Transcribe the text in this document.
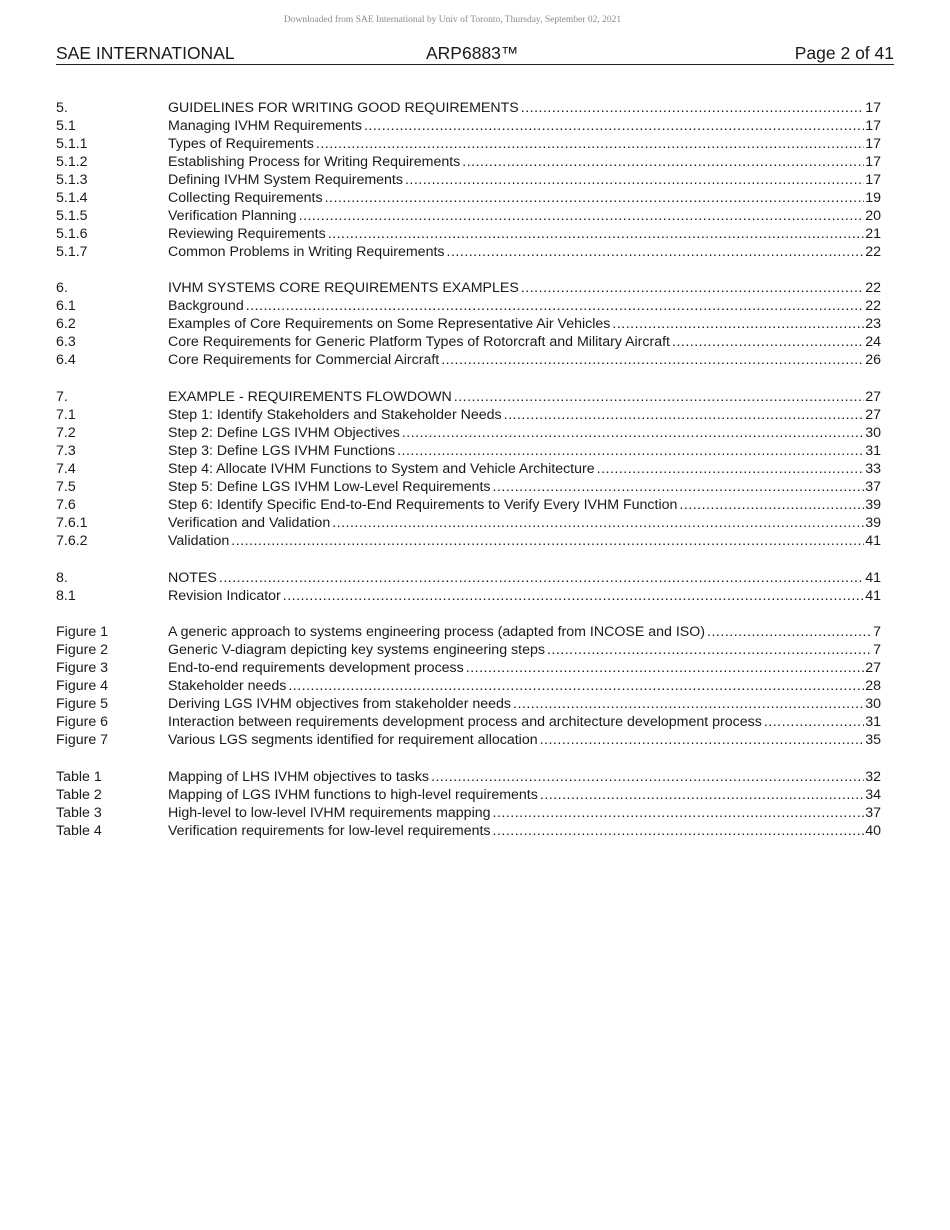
Downloaded from SAE International by Univ of Toronto, Thursday, September 02, 2021
SAE INTERNATIONAL	ARP6883™	Page 2 of 41
5.	GUIDELINES FOR WRITING GOOD REQUIREMENTS .....	17
5.1	Managing IVHM Requirements .....	17
5.1.1	Types of Requirements .....	17
5.1.2	Establishing Process for Writing Requirements .....	17
5.1.3	Defining IVHM System Requirements .....	17
5.1.4	Collecting Requirements .....	19
5.1.5	Verification Planning .....	20
5.1.6	Reviewing Requirements .....	21
5.1.7	Common Problems in Writing Requirements .....	22
6.	IVHM SYSTEMS CORE REQUIREMENTS EXAMPLES .....	22
6.1	Background .....	22
6.2	Examples of Core Requirements on Some Representative Air Vehicles .....	23
6.3	Core Requirements for Generic Platform Types of Rotorcraft and Military Aircraft .....	24
6.4	Core Requirements for Commercial Aircraft .....	26
7.	EXAMPLE - REQUIREMENTS FLOWDOWN .....	27
7.1	Step 1: Identify Stakeholders and Stakeholder Needs .....	27
7.2	Step 2: Define LGS IVHM Objectives .....	30
7.3	Step 3: Define LGS IVHM Functions .....	31
7.4	Step 4: Allocate IVHM Functions to System and Vehicle Architecture .....	33
7.5	Step 5: Define LGS IVHM Low-Level Requirements .....	37
7.6	Step 6: Identify Specific End-to-End Requirements to Verify Every IVHM Function .....	39
7.6.1	Verification and Validation .....	39
7.6.2	Validation .....	41
8.	NOTES .....	41
8.1	Revision Indicator .....	41
Figure 1	A generic approach to systems engineering process (adapted from INCOSE and ISO) .....	7
Figure 2	Generic V-diagram depicting key systems engineering steps .....	7
Figure 3	End-to-end requirements development process .....	27
Figure 4	Stakeholder needs .....	28
Figure 5	Deriving LGS IVHM objectives from stakeholder needs .....	30
Figure 6	Interaction between requirements development process and architecture development process .....	31
Figure 7	Various LGS segments identified for requirement allocation .....	35
Table 1	Mapping of LHS IVHM objectives to tasks .....	32
Table 2	Mapping of LGS IVHM functions to high-level requirements .....	34
Table 3	High-level to low-level IVHM requirements mapping .....	37
Table 4	Verification requirements for low-level requirements .....	40
